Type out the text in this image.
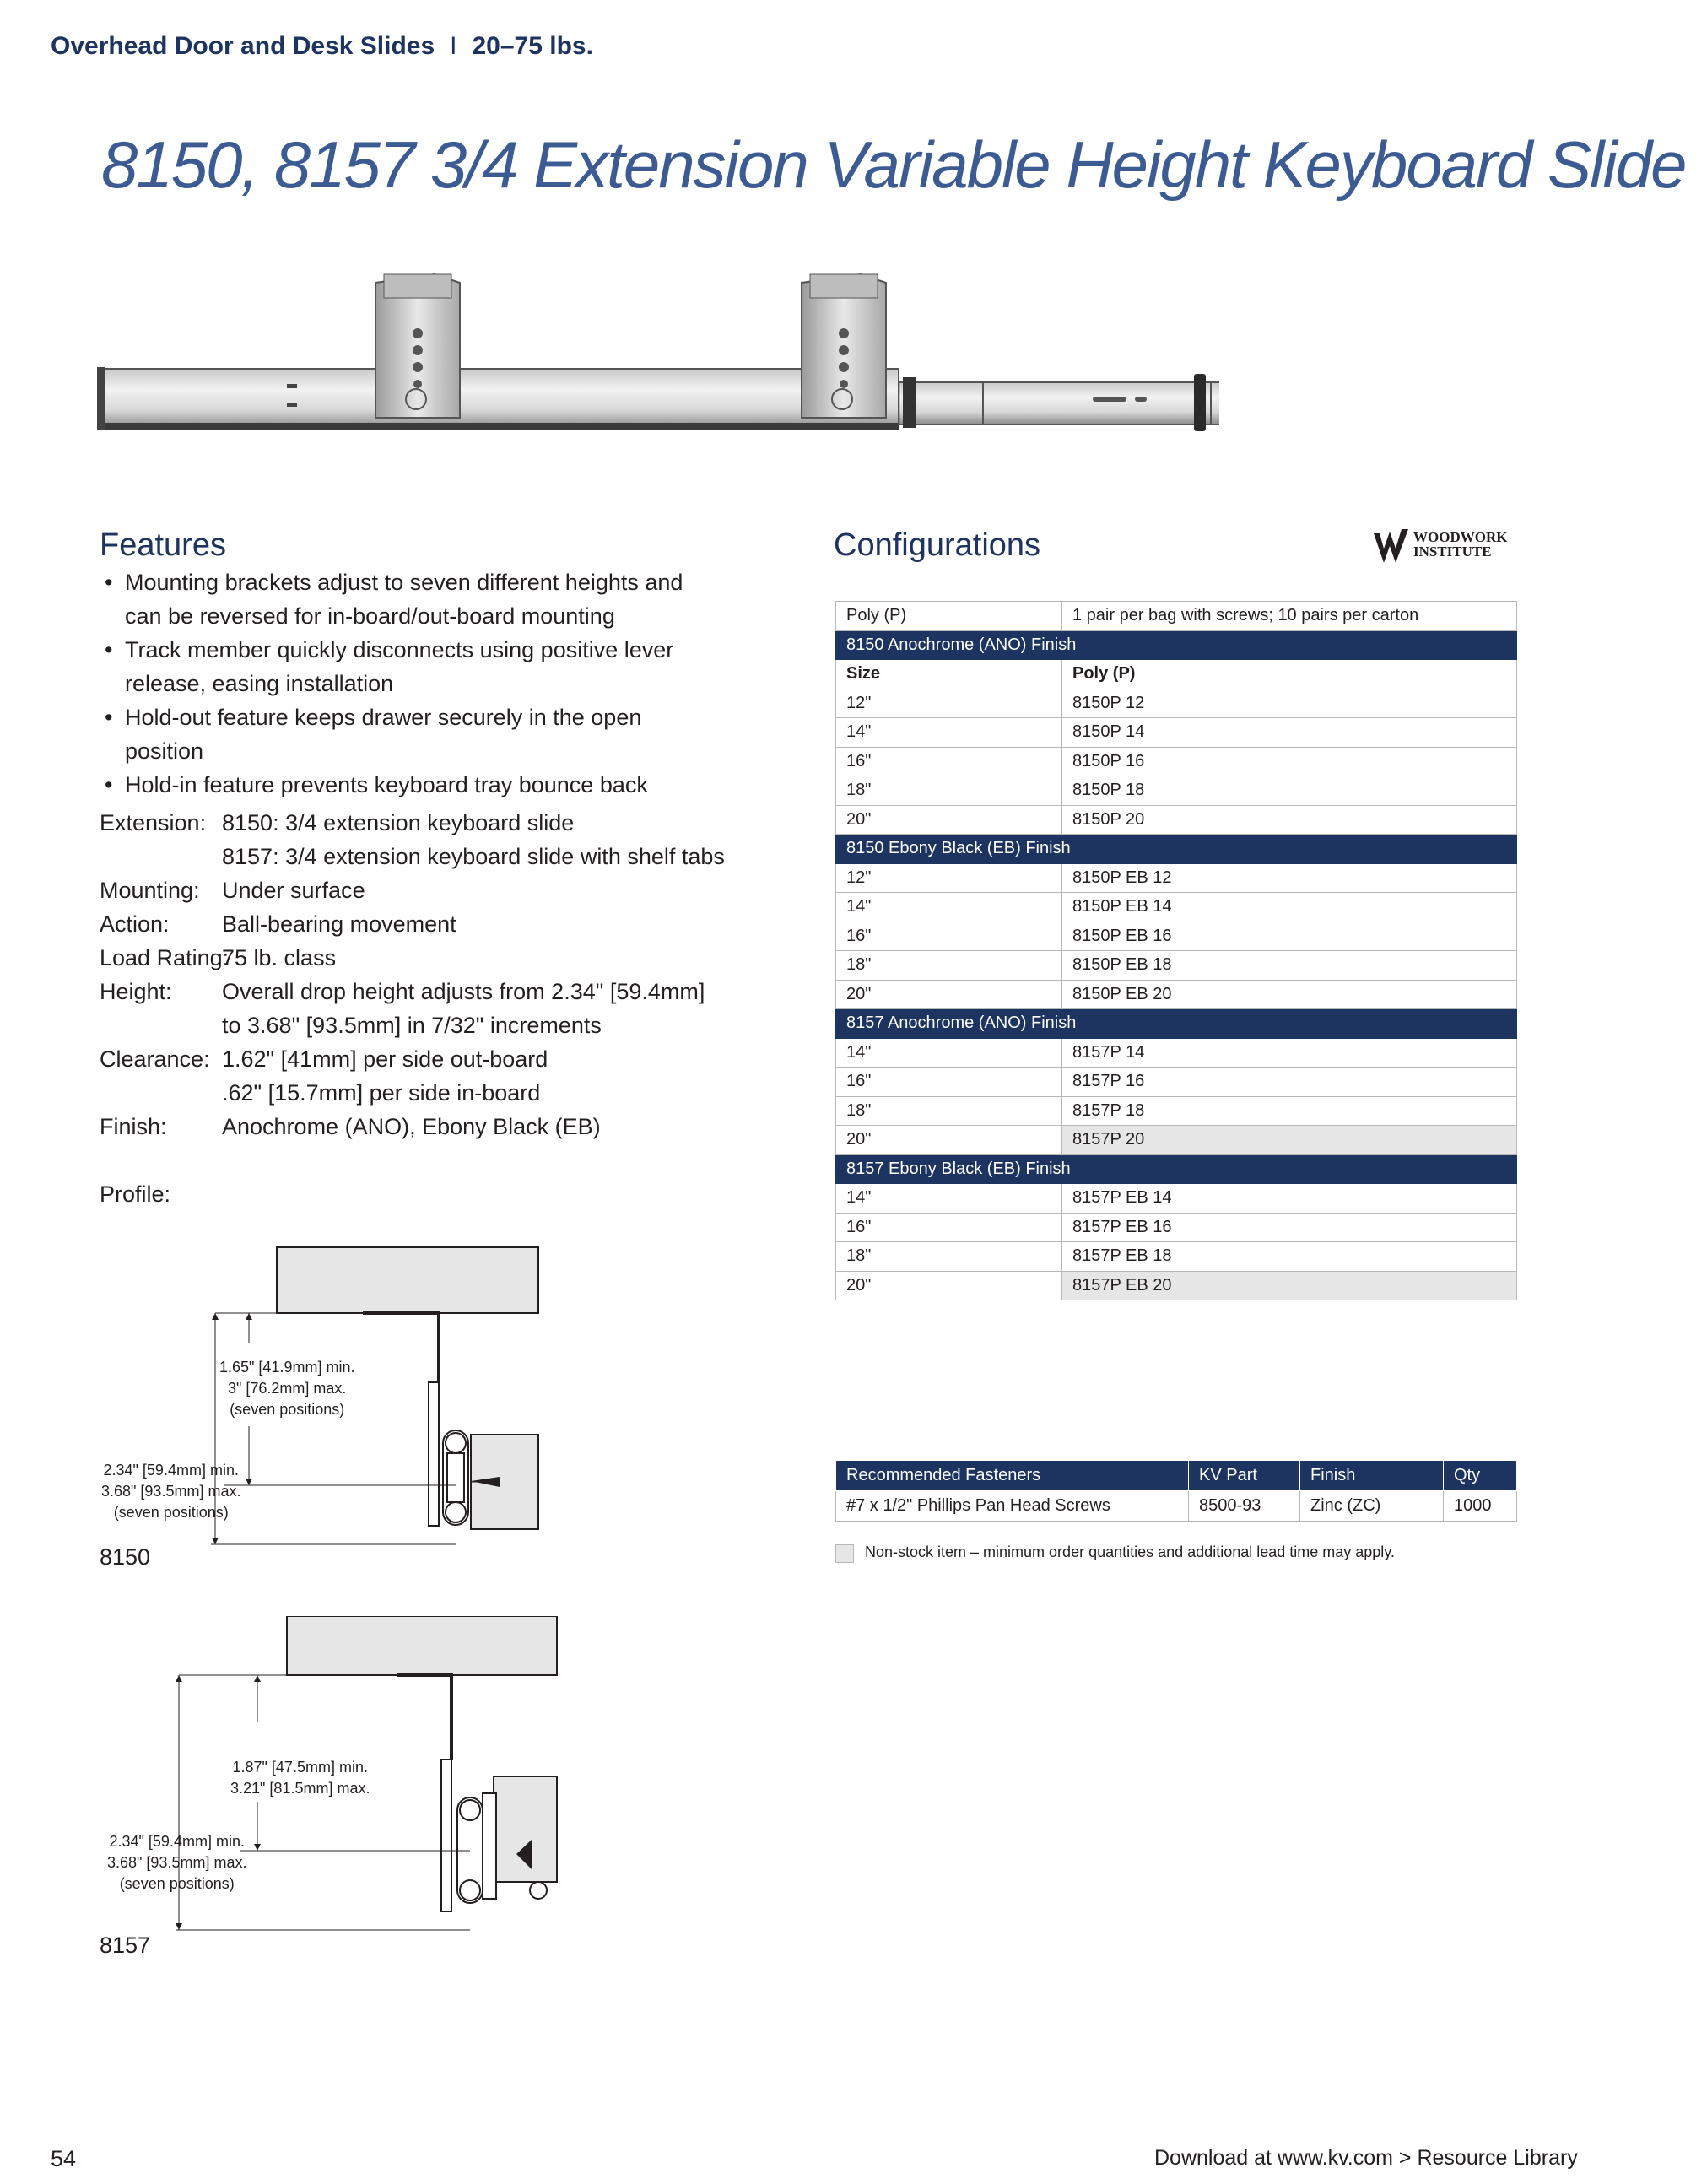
Overhead Door and Desk Slides I 20–75 lbs.
8150, 8157 3/4 Extension Variable Height Keyboard Slide
Features
• Mounting brackets adjust to seven different heights and can be reversed for in-board/out-board mounting
• Track member quickly disconnects using positive lever release, easing installation
• Hold-out feature keeps drawer securely in the open position
• Hold-in feature prevents keyboard tray bounce back
Extension: 8150: 3/4 extension keyboard slide
8157: 3/4 extension keyboard slide with shelf tabs
Mounting: Under surface
Action: Ball-bearing movement
Load Rating:
75 lb. class
Height: Overall drop height adjusts from 2.34" [59.4mm]
to 3.68" [93.5mm] in 7/32" increments
Clearance: 1.62" [41mm] per side out-board
.62" [15.7mm] per side in-board
Finish: Anochrome (ANO), Ebony Black (EB)
Profile:
1.65" [41.9mm] min.
3" [76.2mm] max.
(seven positions)
2.34" [59.4mm] min.
3.68" [93.5mm] max.
(seven positions)
8150
1.87" [47.5mm] min.
3.21" [81.5mm] max.
2.34" [59.4mm] min.
3.68" [93.5mm] max.
(seven positions)
8157
Configurations	WOODWORK
INSTITUTE
Poly (P)	1 pair per bag with screws; 10 pairs per carton
8150 Anochrome (ANO) Finish	
Size	Poly (P)
12"	8150P 12
14"	8150P 14
16"	8150P 16
18"	8150P 18
20"	8150P 20
8150 Ebony Black (EB) Finish	
12"	8150P EB 12
14"	8150P EB 14
16"	8150P EB 16
18"	8150P EB 18
20"	8150P EB 20
8157 Anochrome (ANO) Finish	
14"	8157P 14
16"	8157P 16
18"	8157P 18
20"	8157P 20
8157 Ebony Black (EB) Finish	
14"	8157P EB 14
16"	8157P EB 16
18"	8157P EB 18
20"	8157P EB 20
Recommended Fasteners	KV Part	Finish	Qty
#7 x 1/2" Phillips Pan Head Screws	8500-93	Zinc (ZC)	1000
Non-stock item – minimum order quantities and additional lead time may apply.
54	Download at www.kv.com > Resource Library
